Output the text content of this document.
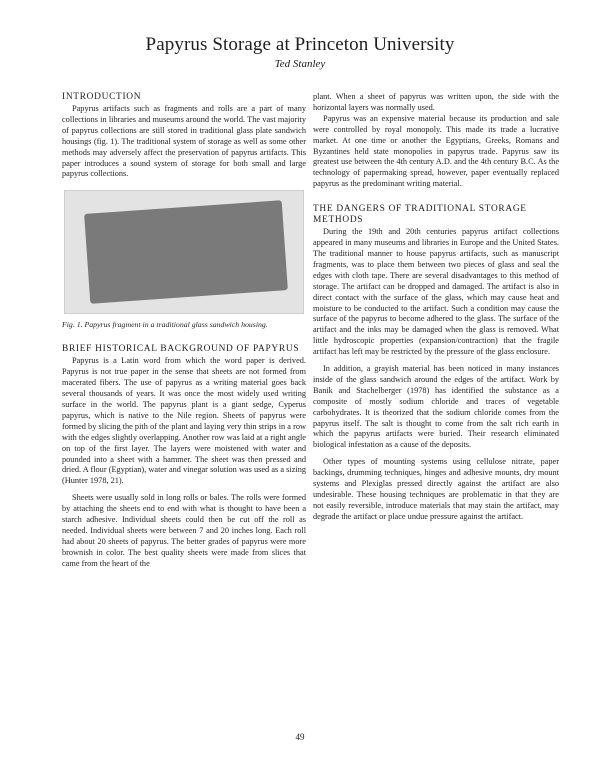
Papyrus Storage at Princeton University
Ted Stanley
INTRODUCTION

Papyrus artifacts such as fragments and rolls are a part of many collections in libraries and museums around the world. The vast majority of papyrus collections are still stored in traditional glass plate sandwich housings (fig. 1). The traditional system of storage as well as some other methods may adversely affect the preservation of papyrus artifacts. This paper introduces a sound system of storage for both small and large papyrus collections.

Fig. 1. Papyrus fragment in a traditional glass sandwich housing.
BRIEF HISTORICAL BACKGROUND OF PAPYRUS

Papyrus is a Latin word from which the word paper is derived. Papyrus is not true paper in the sense that sheets are not formed from macerated fibers. The use of papyrus as a writing material goes back several thousands of years. It was once the most widely used writing surface in the world. The papyrus plant is a giant sedge, Cyperus papyrus, which is native to the Nile region. Sheets of papyrus were formed by slicing the pith of the plant and laying very thin strips in a row with the edges slightly overlapping. Another row was laid at a right angle on top of the first layer. The layers were moistened with water and pounded into a sheet with a hammer. The sheet was then pressed and dried. A flour (Egyptian), water and vinegar solution was used as a sizing (Hunter 1978, 21).

Sheets were usually sold in long rolls or bales. The rolls were formed by attaching the sheets end to end with what is thought to have been a starch adhesive. Individual sheets could then be cut off the roll as needed. Individual sheets were between 7 and 20 inches long. Each roll had about 20 sheets of papyrus. The better grades of papyrus were more brownish in color. The best quality sheets were made from slices that came from the heart of the

plant. When a sheet of papyrus was written upon, the side with the horizontal layers was normally used.

Papyrus was an expensive material because its production and sale were controlled by royal monopoly. This made its trade a lucrative market. At one time or another the Egyptians, Greeks, Romans and Byzantines held state monopolies in papyrus trade. Papyrus saw its greatest use between the 4th century A.D. and the 4th century B.C. As the technology of papermaking spread, however, paper eventually replaced papyrus as the predominant writing material.

THE DANGERS OF TRADITIONAL STORAGE METHODS

During the 19th and 20th centuries papyrus artifact collections appeared in many museums and libraries in Europe and the United States. The traditional manner to house papyrus artifacts, such as manuscript fragments, was to place them between two pieces of glass and seal the edges with cloth tape. There are several disadvantages to this method of storage. The artifact can be dropped and damaged. The artifact is also in direct contact with the surface of the glass, which may cause heat and moisture to be conducted to the artifact. Such a condition may cause the surface of the papyrus to become adhered to the glass. The surface of the artifact and the inks may be damaged when the glass is removed. What little hydroscopic properties (expansion/contraction) that the fragile artifact has left may be restricted by the pressure of the glass enclosure.

In addition, a grayish material has been noticed in many instances inside of the glass sandwich around the edges of the artifact. Work by Banik and Stachelberger (1978) has identified the substance as a composite of mostly sodium chloride and traces of vegetable carbohydrates. It is theorized that the sodium chloride comes from the papyrus itself. The salt is thought to come from the salt rich earth in which the papyrus artifacts were buried. Their research eliminated biological infestation as a cause of the deposits.

Other types of mounting systems using cellulose nitrate, paper backings, drumming techniques, hinges and adhesive mounts, dry mount systems and Plexiglas pressed directly against the artifact are also undesirable. These housing techniques are problematic in that they are not easily reversible, introduce materials that may stain the artifact, may degrade the artifact or place undue pressure against the artifact.

49
